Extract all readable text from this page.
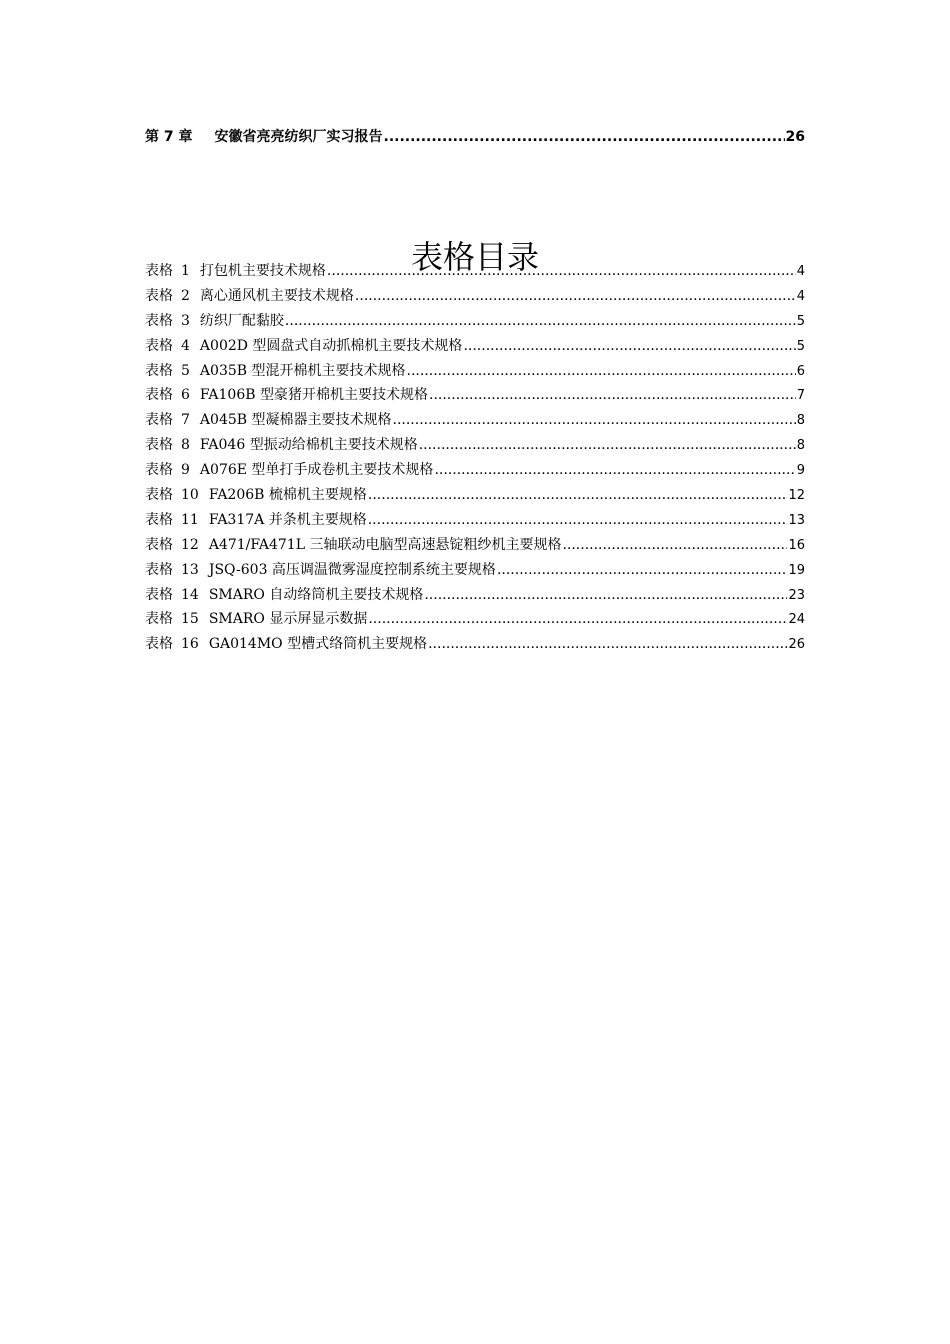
第 7 章 安徽省亮亮纺织厂实习报告 .....	26
表格目录
表格 1 打包机主要技术规格 .....	4
表格 2 离心通风机主要技术规格 .....	4
表格 3 纺织厂配黏胶 .....	5
表格 4 A002D 型圆盘式自动抓棉机主要技术规格 .....	5
表格 5 A035B 型混开棉机主要技术规格 .....	6
表格 6 FA106B 型豪猪开棉机主要技术规格 .....	7
表格 7 A045B 型凝棉器主要技术规格 .....	8
表格 8 FA046 型振动给棉机主要技术规格 .....	8
表格 9 A076E 型单打手成卷机主要技术规格 .....	9
表格 10 FA206B 梳棉机主要规格 .....	12
表格 11 FA317A 并条机主要规格 .....	13
表格 12 A471/FA471L 三轴联动电脑型高速悬锭粗纱机主要规格 .....	16
表格 13 JSQ-603 高压调温微雾湿度控制系统主要规格 .....	19
表格 14 SMARO 自动络筒机主要技术规格 .....	23
表格 15 SMARO 显示屏显示数据 .....	24
表格 16 GA014MO 型槽式络筒机主要规格 .....	26
